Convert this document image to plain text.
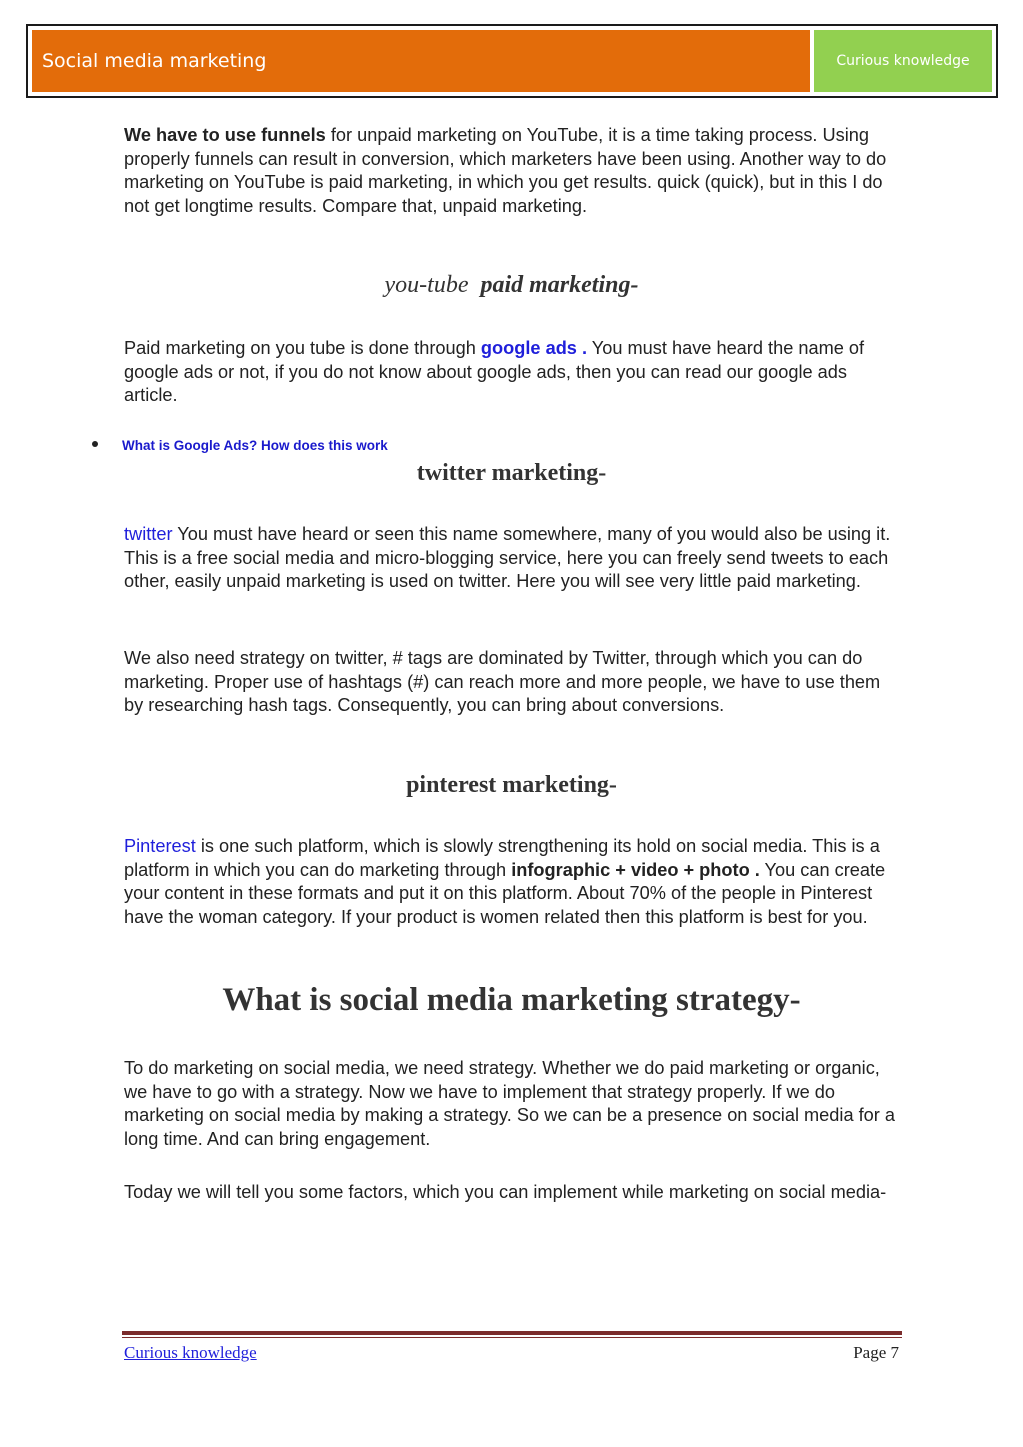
Social media marketing	Curious knowledge

We have to use funnels for unpaid marketing on YouTube, it is a time taking process. Using properly funnels can result in conversion, which marketers have been using. Another way to do marketing on YouTube is paid marketing, in which you get results. quick (quick), but in this I do not get longtime results. Compare that, unpaid marketing.

you-tube paid marketing-

Paid marketing on you tube is done through google ads . You must have heard the name of google ads or not, if you do not know about google ads, then you can read our google ads article.

What is Google Ads? How does this work

twitter marketing-

twitter You must have heard or seen this name somewhere, many of you would also be using it. This is a free social media and micro-blogging service, here you can freely send tweets to each other, easily unpaid marketing is used on twitter. Here you will see very little paid marketing.

We also need strategy on twitter, # tags are dominated by Twitter, through which you can do marketing. Proper use of hashtags (#) can reach more and more people, we have to use them by researching hash tags. Consequently, you can bring about conversions.

pinterest marketing-

Pinterest is one such platform, which is slowly strengthening its hold on social media. This is a platform in which you can do marketing through infographic + video + photo . You can create your content in these formats and put it on this platform. About 70% of the people in Pinterest have the woman category. If your product is women related then this platform is best for you.

What is social media marketing strategy-

To do marketing on social media, we need strategy. Whether we do paid marketing or organic, we have to go with a strategy. Now we have to implement that strategy properly. If we do marketing on social media by making a strategy. So we can be a presence on social media for a long time. And can bring engagement.

Today we will tell you some factors, which you can implement while marketing on social media-

Curious knowledge	Page 7
